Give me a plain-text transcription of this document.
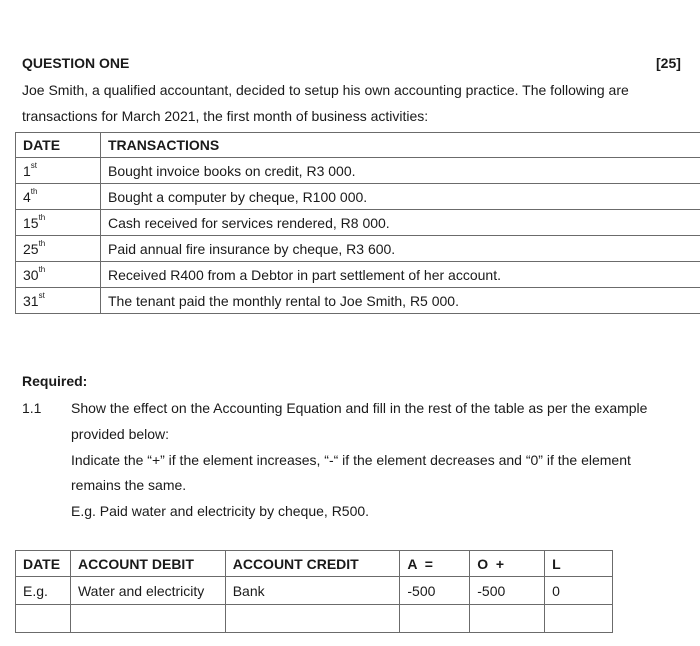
QUESTION ONE	[25]
Joe Smith, a qualified accountant, decided to setup his own accounting practice. The following are
transactions for March 2021, the first month of business activities:
DATE	TRANSACTIONS
1st	Bought invoice books on credit, R3 000.
4th	Bought a computer by cheque, R100 000.
15th	Cash received for services rendered, R8 000.
25th	Paid annual fire insurance by cheque, R3 600.
30th	Received R400 from a Debtor in part settlement of her account.
31st	The tenant paid the monthly rental to Joe Smith, R5 000.
Required:
1.1 Show the effect on the Accounting Equation and fill in the rest of the table as per the example
provided below:
Indicate the “+” if the element increases, “-“ if the element decreases and “0” if the element
remains the same.
E.g. Paid water and electricity by cheque, R500.
DATE	ACCOUNT DEBIT	ACCOUNT CREDIT	A  =	O  +	L
E.g.	Water and electricity	Bank	-500	-500	0
